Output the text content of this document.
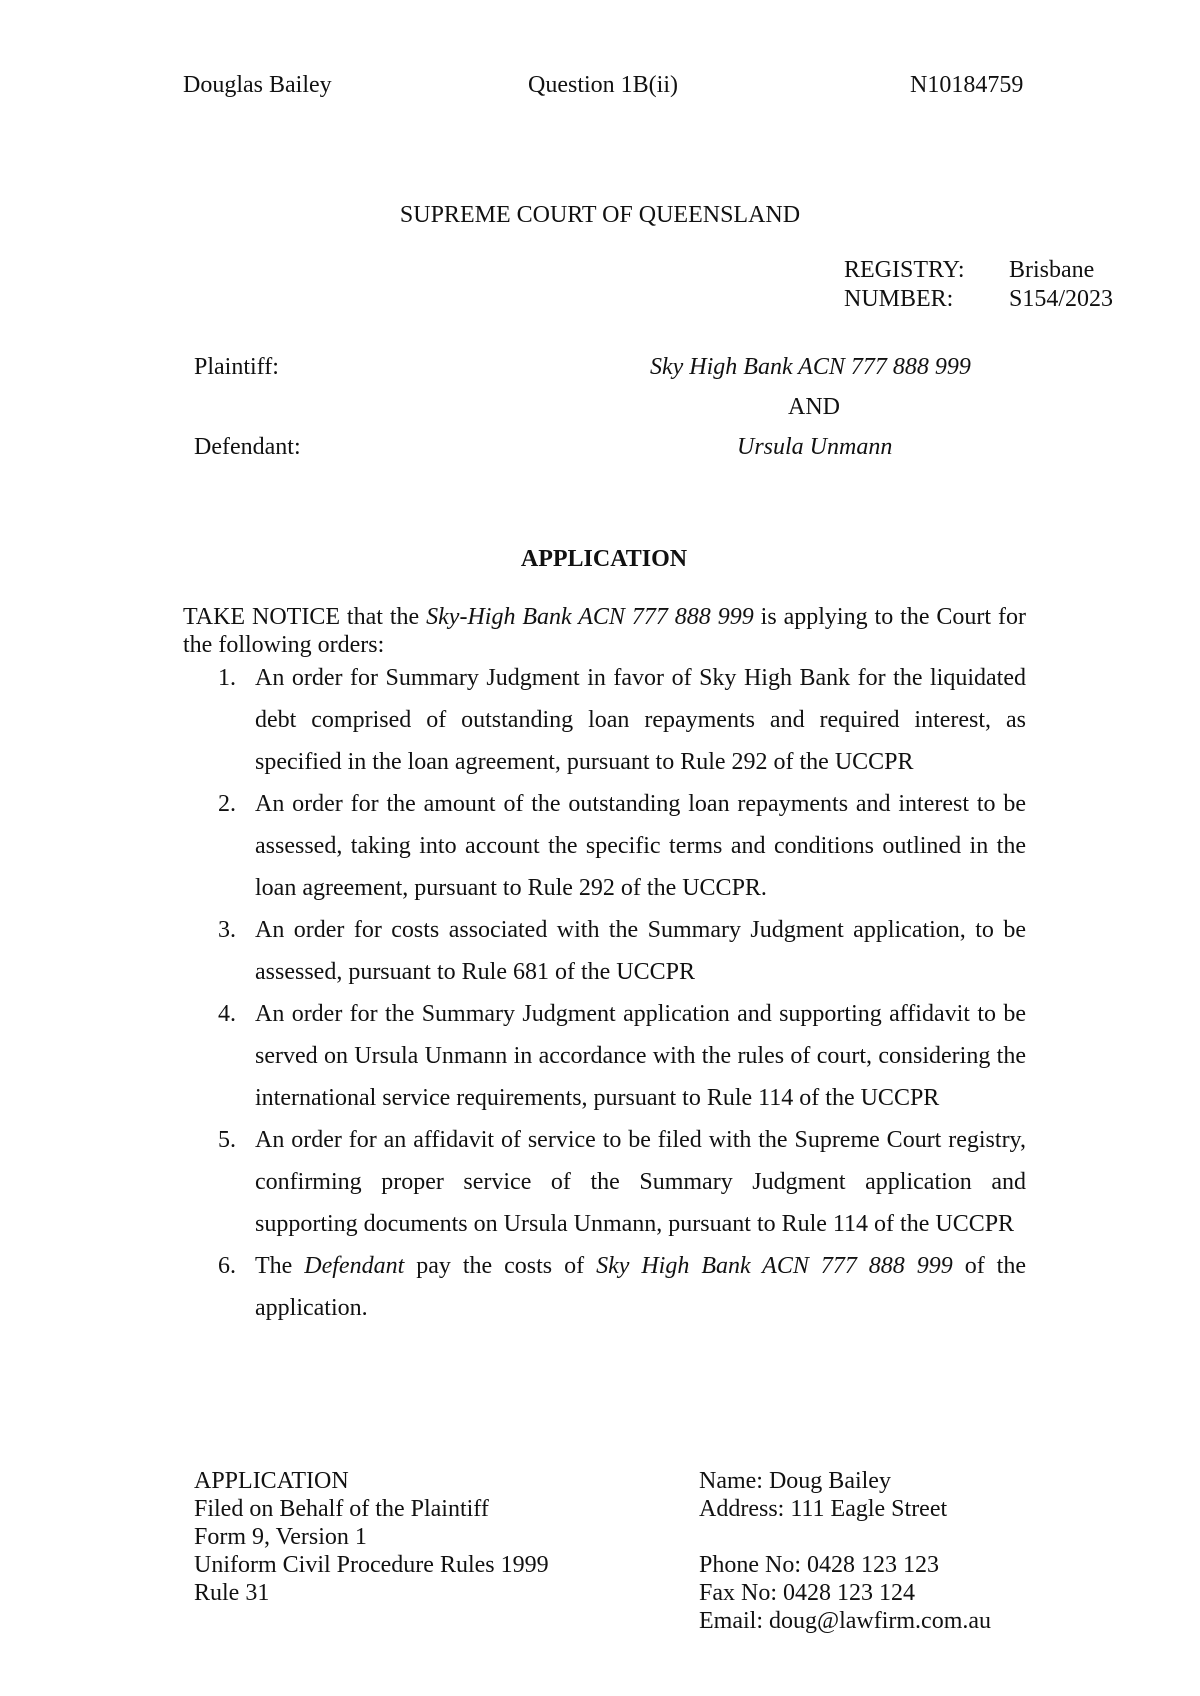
Douglas Bailey	Question 1B(ii)	N10184759
SUPREME COURT OF QUEENSLAND
REGISTRY: Brisbane
NUMBER: S154/2023
Plaintiff:	Sky High Bank ACN 777 888 999
AND
Defendant:	Ursula Unmann
APPLICATION
TAKE NOTICE that the Sky-High Bank ACN 777 888 999 is applying to the Court for the following orders:
1. An order for Summary Judgment in favor of Sky High Bank for the liquidated debt comprised of outstanding loan repayments and required interest, as specified in the loan agreement, pursuant to Rule 292 of the UCCPR
2. An order for the amount of the outstanding loan repayments and interest to be assessed, taking into account the specific terms and conditions outlined in the loan agreement, pursuant to Rule 292 of the UCCPR.
3. An order for costs associated with the Summary Judgment application, to be assessed, pursuant to Rule 681 of the UCCPR
4. An order for the Summary Judgment application and supporting affidavit to be served on Ursula Unmann in accordance with the rules of court, considering the international service requirements, pursuant to Rule 114 of the UCCPR
5. An order for an affidavit of service to be filed with the Supreme Court registry, confirming proper service of the Summary Judgment application and supporting documents on Ursula Unmann, pursuant to Rule 114 of the UCCPR
6. The Defendant pay the costs of Sky High Bank ACN 777 888 999 of the application.
APPLICATION
Filed on Behalf of the Plaintiff
Form 9, Version 1
Uniform Civil Procedure Rules 1999
Rule 31
Name: Doug Bailey
Address: 111 Eagle Street
Phone No: 0428 123 123
Fax No: 0428 123 124
Email: doug@lawfirm.com.au
